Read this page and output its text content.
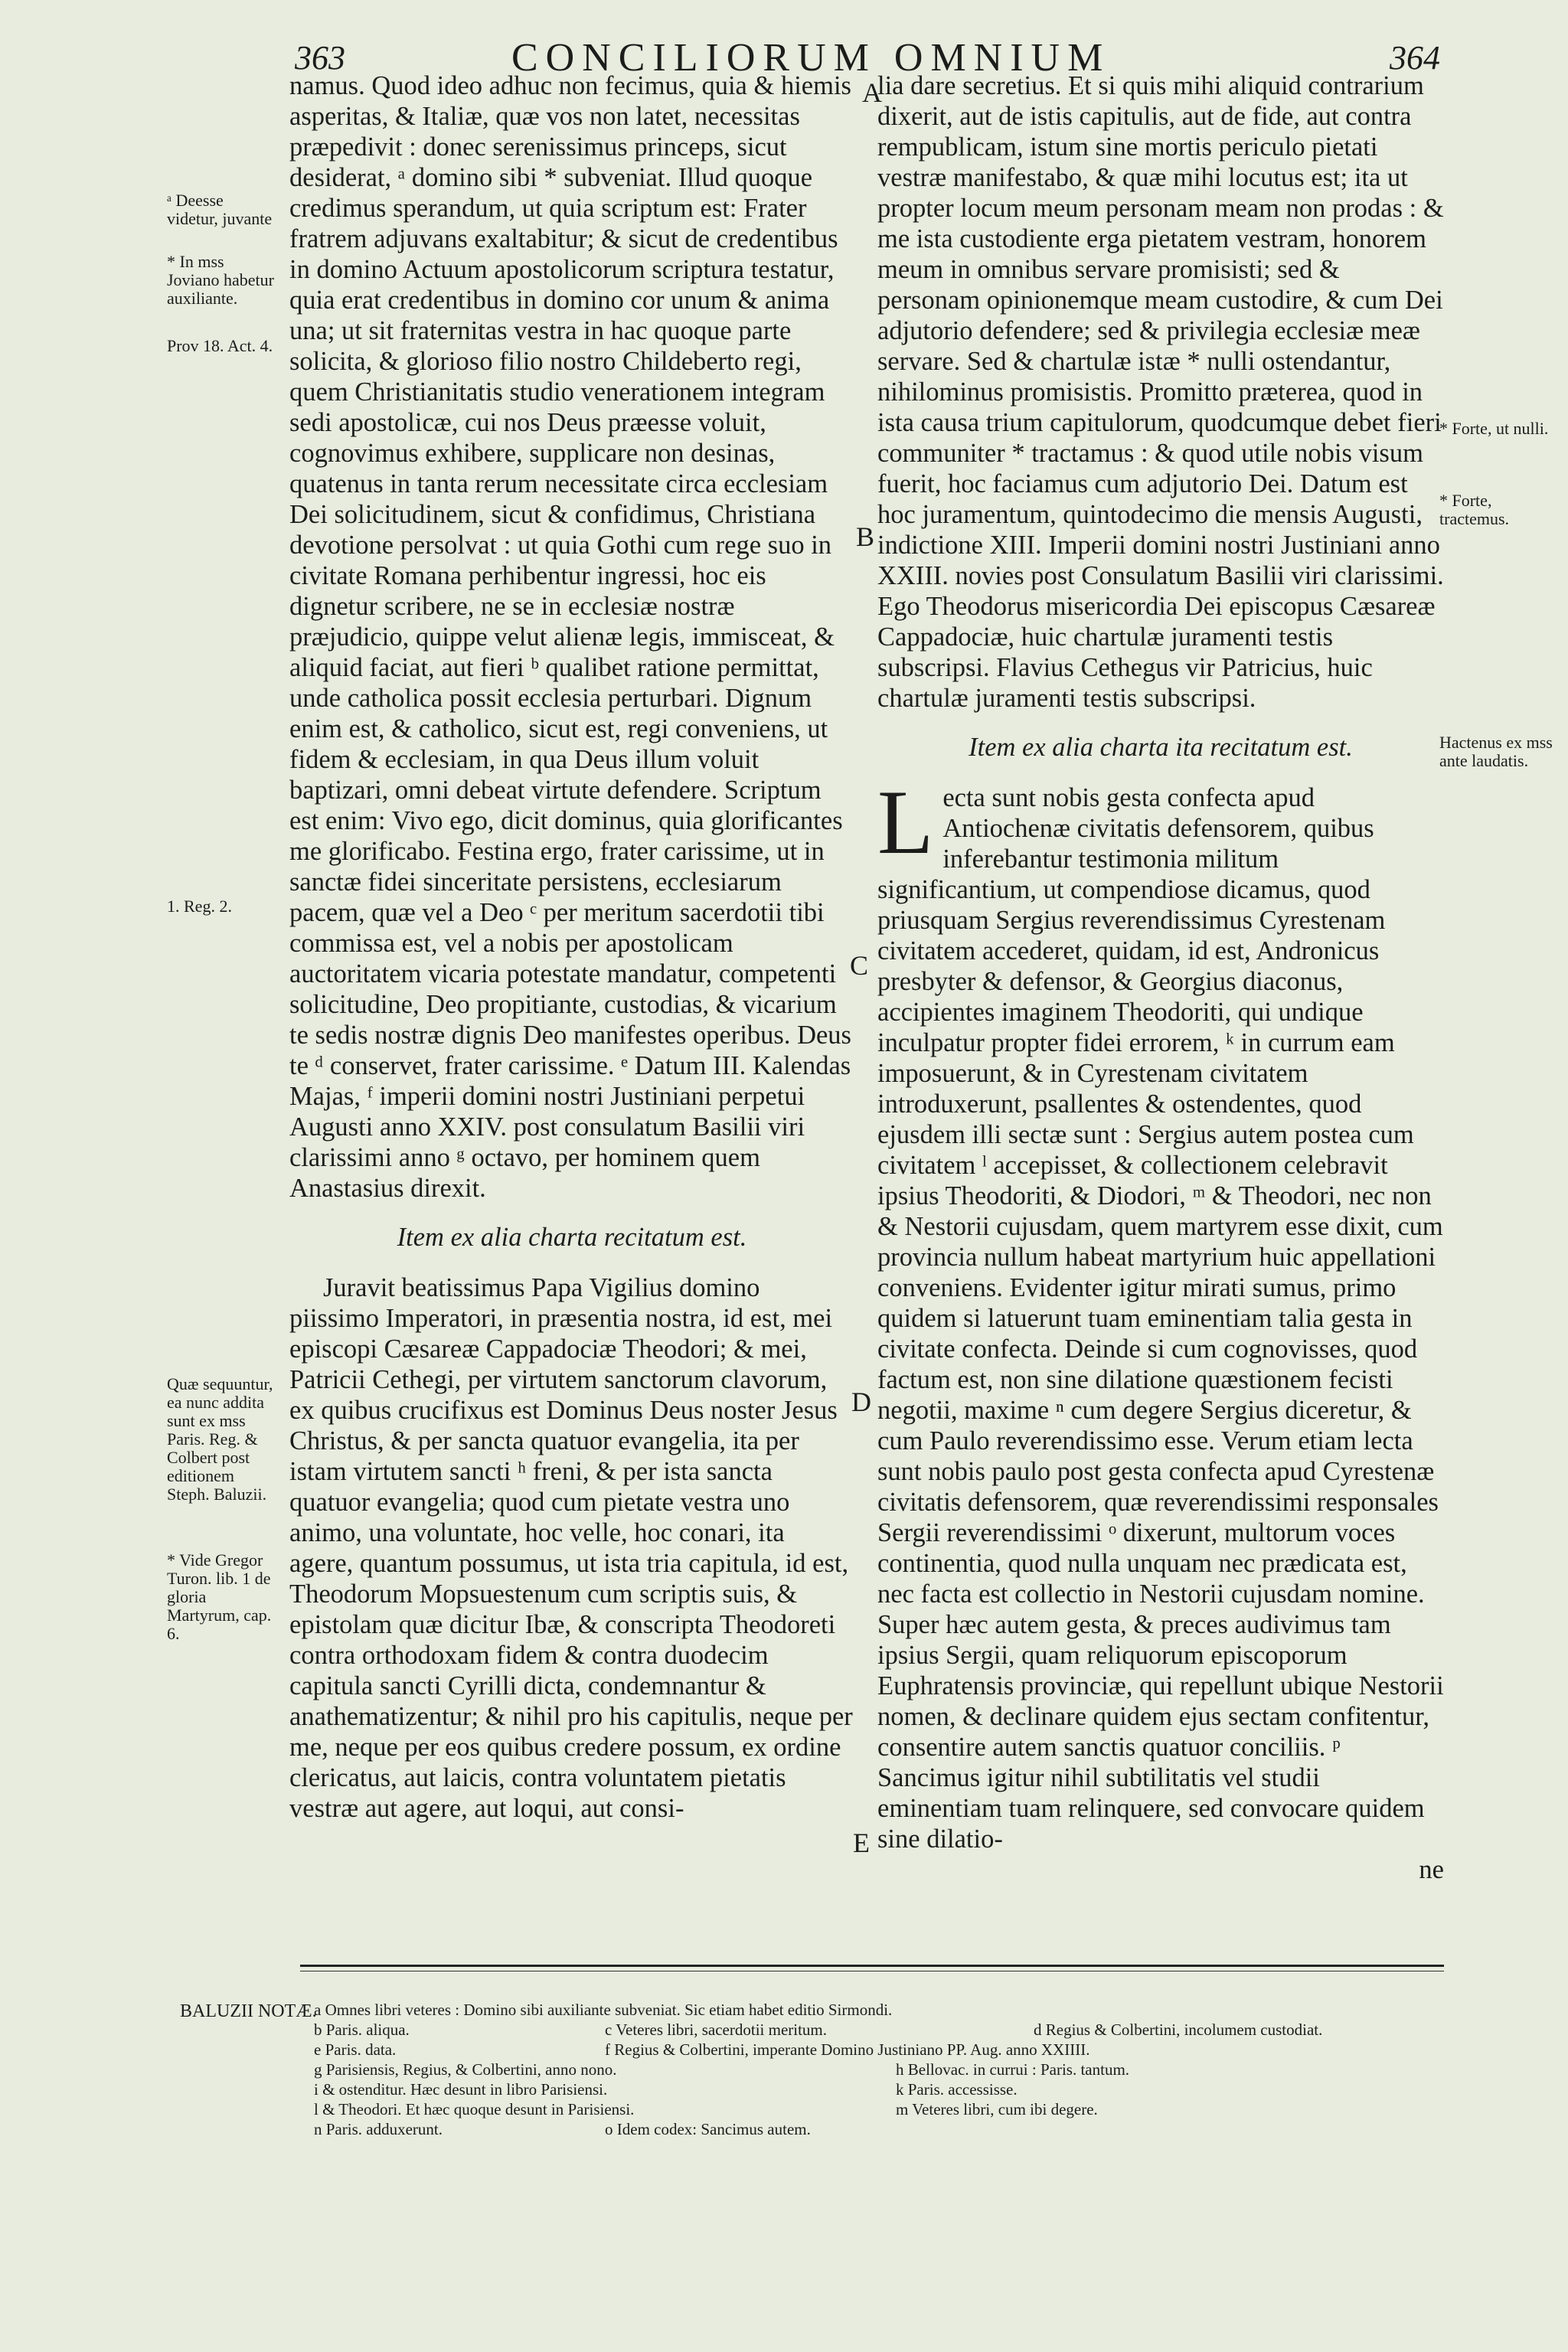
363	CONCILIORUM OMNIUM	364
ᵃ Deesse videtur, juvante
* In mss Joviano habetur auxiliante.
Prov 18. Act. 4.
1. Reg. 2.
Quæ sequuntur, ea nunc addita sunt ex mss Paris. Reg. & Colbert post editionem Steph. Baluzii.
* Vide Gregor Turon. lib. 1 de gloria Martyrum, cap. 6.
A
B
C
D
E

namus. Quod ideo adhuc non fecimus, quia & hiemis asperitas, & Italiæ, quæ vos non latet, necessitas præpedivit : donec serenissimus princeps, sicut desiderat, ᵃ domino sibi * subveniat. Illud quoque credimus sperandum, ut quia scriptum est: Frater fratrem adjuvans exaltabitur; & sicut de credentibus in domino Actuum apostolicorum scriptura testatur, quia erat credentibus in domino cor unum & anima una; ut sit fraternitas vestra in hac quoque parte solicita, & glorioso filio nostro Childeberto regi, quem Christianitatis studio venerationem integram sedi apostolicæ, cui nos Deus præesse voluit, cognovimus exhibere, supplicare non desinas, quatenus in tanta rerum necessitate circa ecclesiam Dei solicitudinem, sicut & confidimus, Christiana devotione persolvat : ut quia Gothi cum rege suo in civitate Romana perhibentur ingressi, hoc eis dignetur scribere, ne se in ecclesiæ nostræ præjudicio, quippe velut alienæ legis, immisceat, & aliquid faciat, aut fieri ᵇ qualibet ratione permittat, unde catholica possit ecclesia perturbari. Dignum enim est, & catholico, sicut est, regi conveniens, ut fidem & ecclesiam, in qua Deus illum voluit baptizari, omni debeat virtute defendere. Scriptum est enim: Vivo ego, dicit dominus, quia glorificantes me glorificabo. Festina ergo, frater carissime, ut in sanctæ fidei sinceritate persistens, ecclesiarum pacem, quæ vel a Deo ᶜ per meritum sacerdotii tibi commissa est, vel a nobis per apostolicam auctoritatem vicaria potestate mandatur, competenti solicitudine, Deo propitiante, custodias, & vicarium te sedis nostræ dignis Deo manifestes operibus. Deus te ᵈ conservet, frater carissime. ᵉ Datum III. Kalendas Majas, ᶠ imperii domini nostri Justiniani perpetui Augusti anno XXIV. post consulatum Basilii viri clarissimi anno ᵍ octavo, per hominem quem Anastasius direxit.

Item ex alia charta recitatum est.

Juravit beatissimus Papa Vigilius domino piissimo Imperatori, in præsentia nostra, id est, mei episcopi Cæsareæ Cappadociæ Theodori; & mei, Patricii Cethegi, per virtutem sanctorum clavorum, ex quibus crucifixus est Dominus Deus noster Jesus Christus, & per sancta quatuor evangelia, ita per istam virtutem sancti ʰ freni, & per ista sancta quatuor evangelia; quod cum pietate vestra uno animo, una voluntate, hoc velle, hoc conari, ita agere, quantum possumus, ut ista tria capitula, id est, Theodorum Mopsuestenum cum scriptis suis, & epistolam quæ dicitur Ibæ, & conscripta Theodoreti contra orthodoxam fidem & contra duodecim capitula sancti Cyrilli dicta, condemnantur & anathematizentur; & nihil pro his capitulis, neque per me, neque per eos quibus credere possum, ex ordine clericatus, aut laicis, contra voluntatem pietatis vestræ aut agere, aut loqui, aut consi-

lia dare secretius. Et si quis mihi aliquid contrarium dixerit, aut de istis capitulis, aut de fide, aut contra rempublicam, istum sine mortis periculo pietati vestræ manifestabo, & quæ mihi locutus est; ita ut propter locum meum personam meam non prodas : & me ista custodiente erga pietatem vestram, honorem meum in omnibus servare promisisti; sed & personam opinionemque meam custodire, & cum Dei adjutorio defendere; sed & privilegia ecclesiæ meæ servare. Sed & chartulæ istæ * nulli ostendantur, nihilominus promisistis. Promitto præterea, quod in ista causa trium capitulorum, quodcumque debet fieri communiter * tractamus : & quod utile nobis visum fuerit, hoc faciamus cum adjutorio Dei. Datum est hoc juramentum, quintodecimo die mensis Augusti, indictione XIII. Imperii domini nostri Justiniani anno XXIII. novies post Consulatum Basilii viri clarissimi. Ego Theodorus misericordia Dei episcopus Cæsareæ Cappadociæ, huic chartulæ juramenti testis subscripsi. Flavius Cethegus vir Patricius, huic chartulæ juramenti testis subscripsi.

Item ex alia charta ita recitatum est.

L ecta sunt nobis gesta confecta apud Antiochenæ civitatis defensorem, quibus inferebantur testimonia militum significantium, ut compendiose dicamus, quod priusquam Sergius reverendissimus Cyrestenam civitatem accederet, quidam, id est, Andronicus presbyter & defensor, & Georgius diaconus, accipientes imaginem Theodoriti, qui undique inculpatur propter fidei errorem, ᵏ in currum eam imposuerunt, & in Cyrestenam civitatem introduxerunt, psallentes & ostendentes, quod ejusdem illi sectæ sunt : Sergius autem postea cum civitatem ˡ accepisset, & collectionem celebravit ipsius Theodoriti, & Diodori, ᵐ & Theodori, nec non & Nestorii cujusdam, quem martyrem esse dixit, cum provincia nullum habeat martyrium huic appellationi conveniens. Evidenter igitur mirati sumus, primo quidem si latuerunt tuam eminentiam talia gesta in civitate confecta. Deinde si cum cognovisses, quod factum est, non sine dilatione quæstionem fecisti negotii, maxime ⁿ cum degere Sergius diceretur, & cum Paulo reverendissimo esse. Verum etiam lecta sunt nobis paulo post gesta confecta apud Cyrestenæ civitatis defensorem, quæ reverendissimi responsales Sergii reverendissimi ᵒ dixerunt, multorum voces continentia, quod nulla unquam nec prædicata est, nec facta est collectio in Nestorii cujusdam nomine. Super hæc autem gesta, & preces audivimus tam ipsius Sergii, quam reliquorum episcoporum Euphratensis provinciæ, qui repellunt ubique Nestorii nomen, & declinare quidem ejus sectam confitentur, consentire autem sanctis quatuor conciliis. ᵖ Sancimus igitur nihil subtilitatis vel studii eminentiam tuam relinquere, sed convocare quidem sine dilatio-

ne

* Forte, ut nulli.
* Forte, tractemus.
Hactenus ex mss ante laudatis.
BALUZII NOTÆ.
a Omnes libri veteres : Domino sibi auxiliante subveniat. Sic etiam habet editio Sirmondi.
b Paris. aliqua.	c Veteres libri, sacerdotii meritum.	d Regius & Colbertini, incolumem custodiat.
e Paris. data.	f Regius & Colbertini, imperante Domino Justiniano PP. Aug. anno XXIIII.
g Parisiensis, Regius, & Colbertini, anno nono.	h Bellovac. in currui : Paris. tantum.
i & ostenditur. Hæc desunt in libro Parisiensi.	k Paris. accessisse.
l & Theodori. Et hæc quoque desunt in Parisiensi.	m Veteres libri, cum ibi degere.
n Paris. adduxerunt.	o Idem codex: Sancimus autem.
